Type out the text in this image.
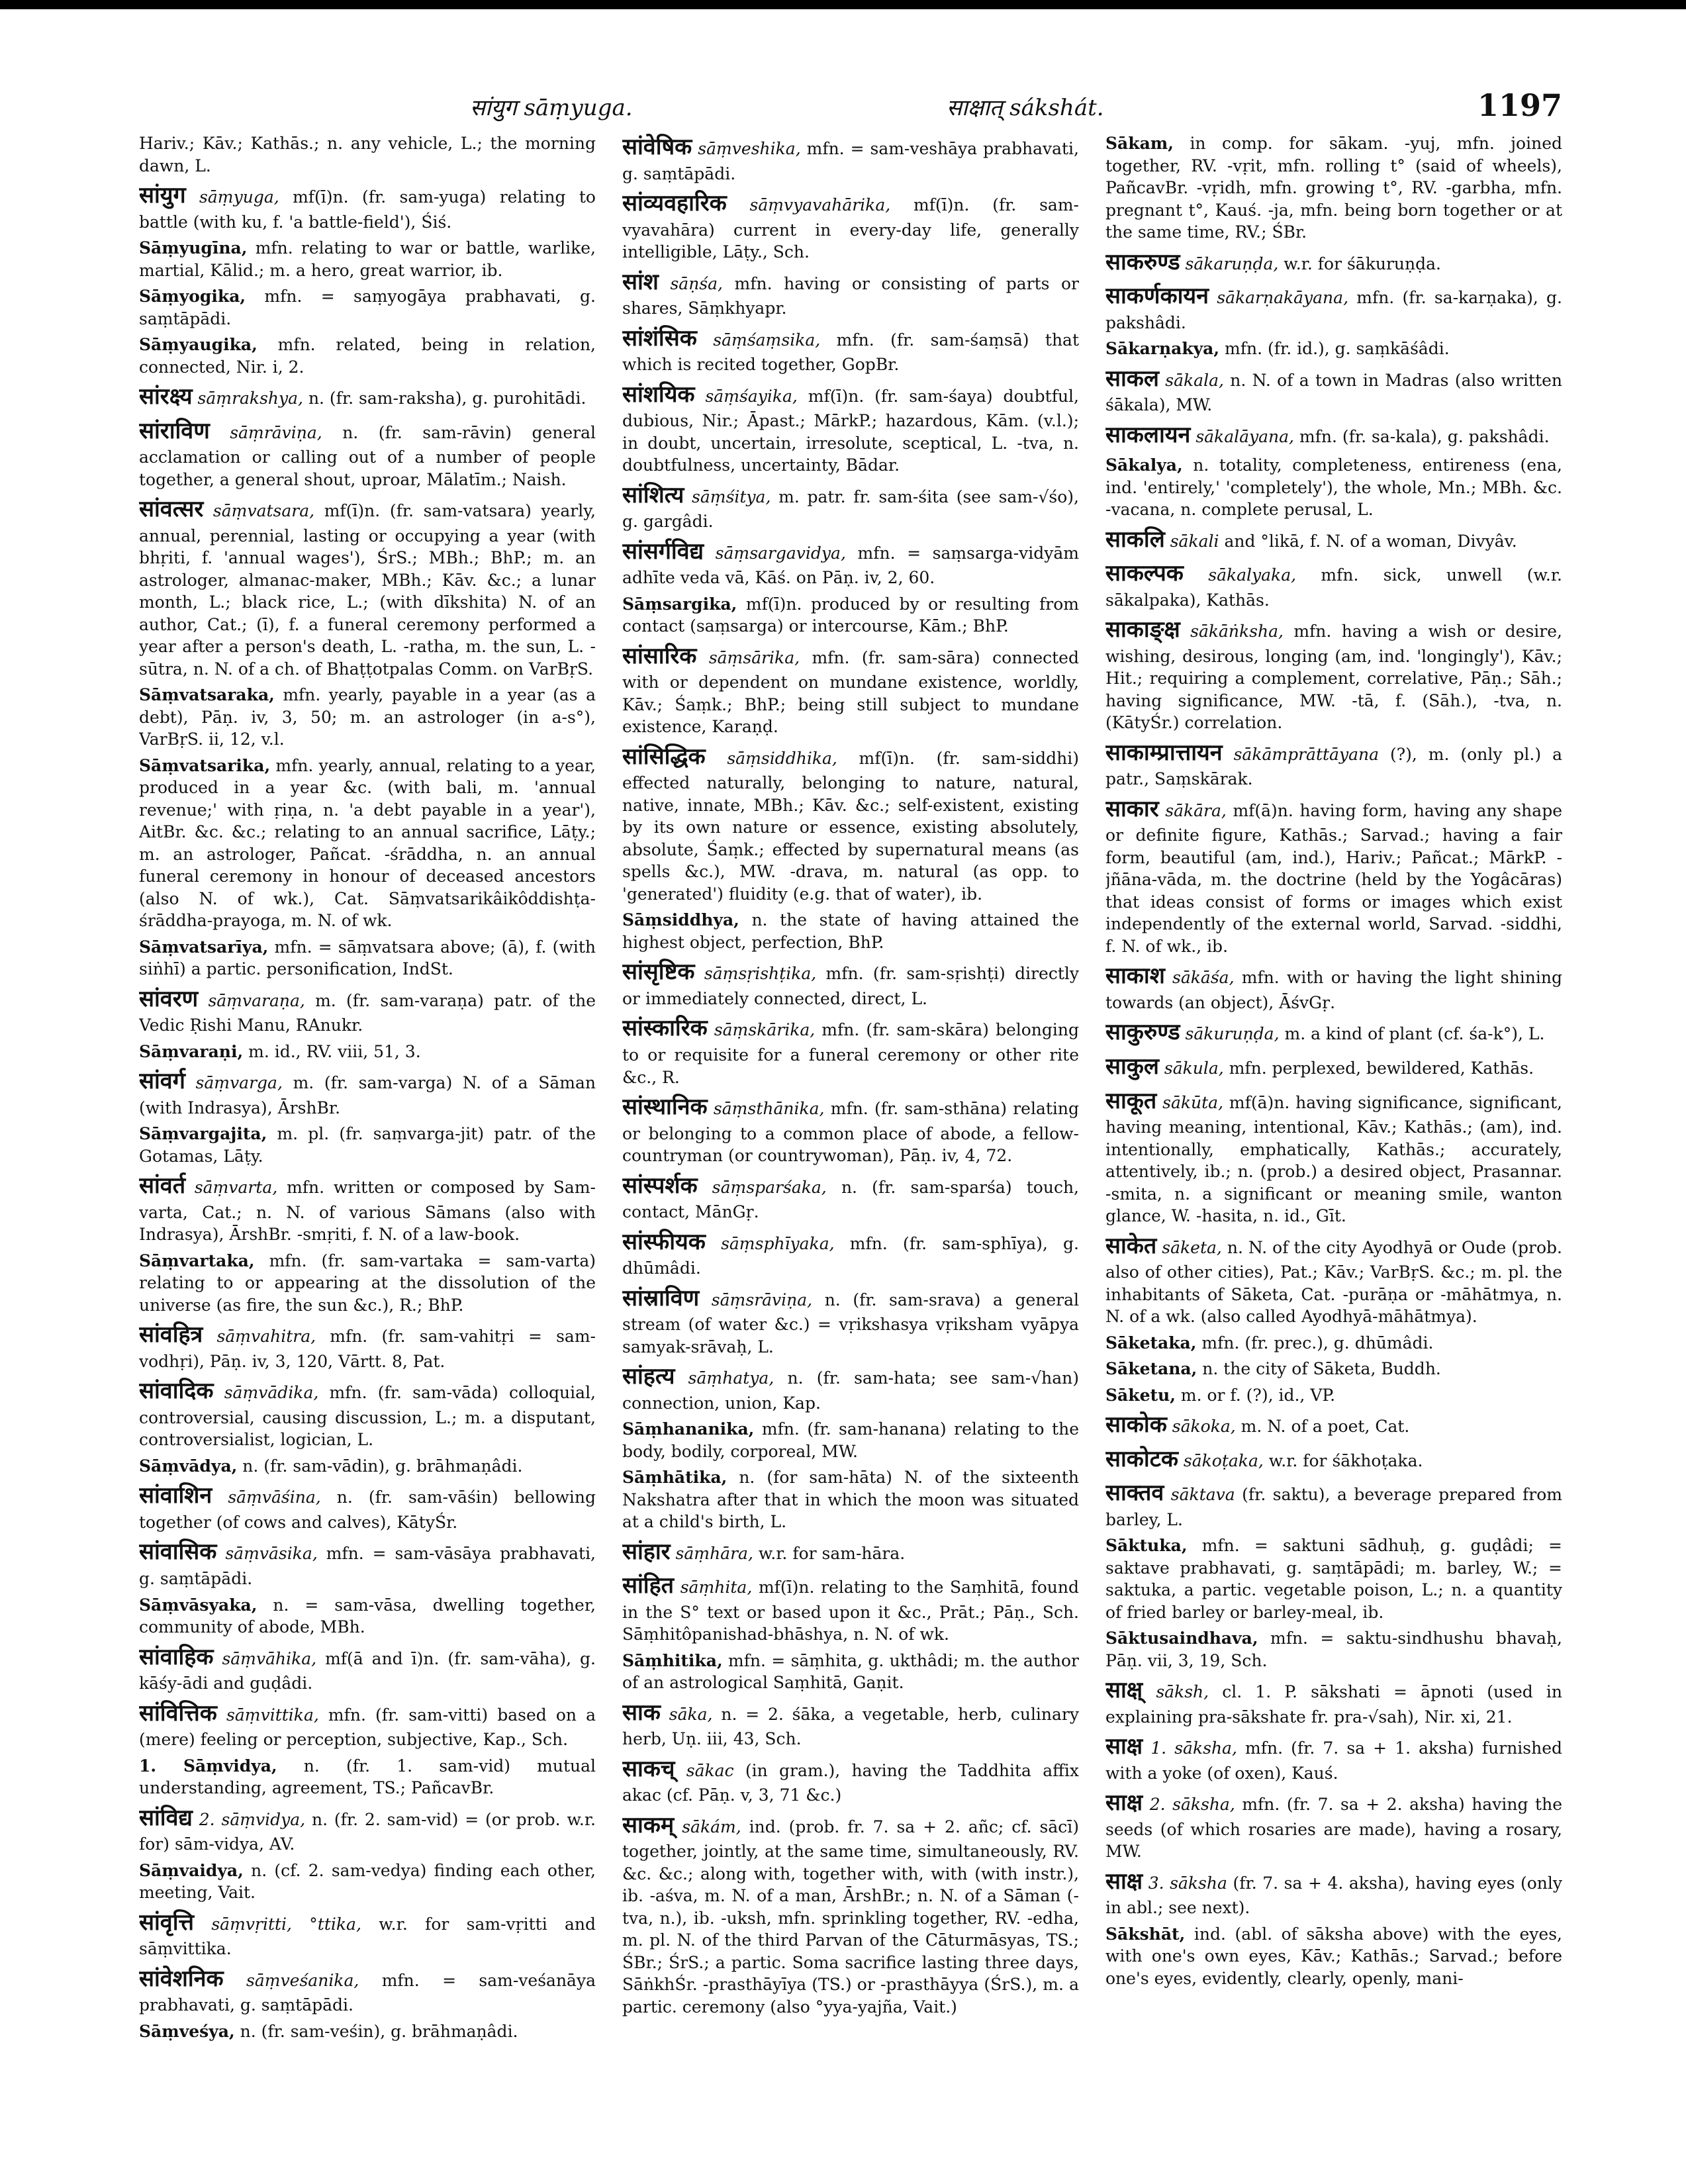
सांयुग sāṃyuga.	साक्षात् sákshát.	1197

Hariv.; Kāv.; Kathās.; n. any vehicle, L.; the morning dawn, L.

सांयुग sāṃyuga, mf(ī)n. (fr. sam-yuga) relating to battle (with ku, f. 'a battle-field'), Śiś.

Sāṃyugīna, mfn. relating to war or battle, warlike, martial, Kālid.; m. a hero, great warrior, ib.

Sāṃyogika, mfn. = saṃyogāya prabhavati, g. saṃtāpādi.

Sāṃyaugika, mfn. related, being in relation, connected, Nir. i, 2.

सांरक्ष्य sāṃrakshya, n. (fr. sam-raksha), g. purohitādi.

सांराविण sāṃrāviṇa, n. (fr. sam-rāvin) general acclamation or calling out of a number of people together, a general shout, uproar, Mālatīm.; Naish.

सांवत्सर sāṃvatsara, mf(ī)n. (fr. sam-vatsara) yearly, annual, perennial, lasting or occupying a year (with bhṛiti, f. 'annual wages'), ŚrS.; MBh.; BhP.; m. an astrologer, almanac-maker, MBh.; Kāv. &c.; a lunar month, L.; black rice, L.; (with dīkshita) N. of an author, Cat.; (ī), f. a funeral ceremony performed a year after a person's death, L. -ratha, m. the sun, L. -sūtra, n. N. of a ch. of Bhaṭṭotpalas Comm. on VarBṛS.

Sāṃvatsaraka, mfn. yearly, payable in a year (as a debt), Pāṇ. iv, 3, 50; m. an astrologer (in a-s°), VarBṛS. ii, 12, v.l.

Sāṃvatsarika, mfn. yearly, annual, relating to a year, produced in a year &c. (with bali, m. 'annual revenue;' with ṛiṇa, n. 'a debt payable in a year'), AitBr. &c. &c.; relating to an annual sacrifice, Lāṭy.; m. an astrologer, Pañcat. -śrāddha, n. an annual funeral ceremony in honour of deceased ancestors (also N. of wk.), Cat. Sāṃvatsarikâikôddishṭa-śrāddha-prayoga, m. N. of wk.

Sāṃvatsarīya, mfn. = sāṃvatsara above; (ā), f. (with siṅhī) a partic. personification, IndSt.

सांवरण sāṃvaraṇa, m. (fr. sam-varaṇa) patr. of the Vedic Ṛishi Manu, RAnukr.

Sāṃvaraṇi, m. id., RV. viii, 51, 3.

सांवर्ग sāṃvarga, m. (fr. sam-varga) N. of a Sāman (with Indrasya), ĀrshBr.

Sāṃvargajita, m. pl. (fr. saṃvarga-jit) patr. of the Gotamas, Lāṭy.

सांवर्त sāṃvarta, mfn. written or composed by Sam-varta, Cat.; n. N. of various Sāmans (also with Indrasya), ĀrshBr. -smṛiti, f. N. of a law-book.

Sāṃvartaka, mfn. (fr. sam-vartaka = sam-varta) relating to or appearing at the dissolution of the universe (as fire, the sun &c.), R.; BhP.

सांवहित्र sāṃvahitra, mfn. (fr. sam-vahitṛi = sam-vodhṛi), Pāṇ. iv, 3, 120, Vārtt. 8, Pat.

सांवादिक sāṃvādika, mfn. (fr. sam-vāda) colloquial, controversial, causing discussion, L.; m. a disputant, controversialist, logician, L.

Sāṃvādya, n. (fr. sam-vādin), g. brāhmaṇâdi.

सांवाशिन sāṃvāśina, n. (fr. sam-vāśin) bellowing together (of cows and calves), KātyŚr.

सांवासिक sāṃvāsika, mfn. = sam-vāsāya prabhavati, g. saṃtāpādi.

Sāṃvāsyaka, n. = sam-vāsa, dwelling together, community of abode, MBh.

सांवाहिक sāṃvāhika, mf(ā and ī)n. (fr. sam-vāha), g. kāśy-ādi and guḍâdi.

सांवित्तिक sāṃvittika, mfn. (fr. sam-vitti) based on a (mere) feeling or perception, subjective, Kap., Sch.

1. Sāṃvidya, n. (fr. 1. sam-vid) mutual understanding, agreement, TS.; PañcavBr.

सांविद्य 2. sāṃvidya, n. (fr. 2. sam-vid) = (or prob. w.r. for) sām-vidya, AV.

Sāṃvaidya, n. (cf. 2. sam-vedya) finding each other, meeting, Vait.

सांवृत्ति sāṃvṛitti, °ttika, w.r. for sam-vṛitti and sāṃvittika.

सांवेशनिक sāṃveśanika, mfn. = sam-veśanāya prabhavati, g. saṃtāpādi.

Sāṃveśya, n. (fr. sam-veśin), g. brāhmaṇâdi.

सांवेषिक sāṃveshika, mfn. = sam-veshāya prabhavati, g. saṃtāpādi.

सांव्यवहारिक sāṃvyavahārika, mf(ī)n. (fr. sam-vyavahāra) current in every-day life, generally intelligible, Lāṭy., Sch.

सांश sāṇśa, mfn. having or consisting of parts or shares, Sāṃkhyapr.

सांशंसिक sāṃśaṃsika, mfn. (fr. sam-śaṃsā) that which is recited together, GopBr.

सांशयिक sāṃśayika, mf(ī)n. (fr. sam-śaya) doubtful, dubious, Nir.; Āpast.; MārkP.; hazardous, Kām. (v.l.); in doubt, uncertain, irresolute, sceptical, L. -tva, n. doubtfulness, uncertainty, Bādar.

सांशित्य sāṃśitya, m. patr. fr. sam-śita (see sam-√śo), g. gargâdi.

सांसर्गविद्य sāṃsargavidya, mfn. = saṃsarga-vidyām adhīte veda vā, Kāś. on Pāṇ. iv, 2, 60.

Sāṃsargika, mf(ī)n. produced by or resulting from contact (saṃsarga) or intercourse, Kām.; BhP.

सांसारिक sāṃsārika, mfn. (fr. sam-sāra) connected with or dependent on mundane existence, worldly, Kāv.; Śaṃk.; BhP.; being still subject to mundane existence, Karaṇḍ.

सांसिद्धिक sāṃsiddhika, mf(ī)n. (fr. sam-siddhi) effected naturally, belonging to nature, natural, native, innate, MBh.; Kāv. &c.; self-existent, existing by its own nature or essence, existing absolutely, absolute, Śaṃk.; effected by supernatural means (as spells &c.), MW. -drava, m. natural (as opp. to 'generated') fluidity (e.g. that of water), ib.

Sāṃsiddhya, n. the state of having attained the highest object, perfection, BhP.

सांसृष्टिक sāṃsṛishṭika, mfn. (fr. sam-sṛishṭi) directly or immediately connected, direct, L.

सांस्कारिक sāṃskārika, mfn. (fr. sam-skāra) belonging to or requisite for a funeral ceremony or other rite &c., R.

सांस्थानिक sāṃsthānika, mfn. (fr. sam-sthāna) relating or belonging to a common place of abode, a fellow-countryman (or countrywoman), Pāṇ. iv, 4, 72.

सांस्पर्शक sāṃsparśaka, n. (fr. sam-sparśa) touch, contact, MānGṛ.

सांस्फीयक sāṃsphīyaka, mfn. (fr. sam-sphīya), g. dhūmâdi.

सांस्राविण sāṃsrāviṇa, n. (fr. sam-srava) a general stream (of water &c.) = vṛikshasya vṛiksham vyāpya samyak-srāvaḥ, L.

सांहत्य sāṃhatya, n. (fr. sam-hata; see sam-√han) connection, union, Kap.

Sāṃhananika, mfn. (fr. sam-hanana) relating to the body, bodily, corporeal, MW.

Sāṃhātika, n. (for sam-hāta) N. of the sixteenth Nakshatra after that in which the moon was situated at a child's birth, L.

सांहार sāṃhāra, w.r. for sam-hāra.

सांहित sāṃhita, mf(ī)n. relating to the Saṃhitā, found in the S° text or based upon it &c., Prāt.; Pāṇ., Sch. Sāṃhitôpanishad-bhāshya, n. N. of wk.

Sāṃhitika, mfn. = sāṃhita, g. ukthâdi; m. the author of an astrological Saṃhitā, Gaṇit.

साक sāka, n. = 2. śāka, a vegetable, herb, culinary herb, Uṇ. iii, 43, Sch.

साकच् sākac (in gram.), having the Taddhita affix akac (cf. Pāṇ. v, 3, 71 &c.)

साकम् sākám, ind. (prob. fr. 7. sa + 2. añc; cf. sācī) together, jointly, at the same time, simultaneously, RV. &c. &c.; along with, together with, with (with instr.), ib. -aśva, m. N. of a man, ĀrshBr.; n. N. of a Sāman (-tva, n.), ib. -uksh, mfn. sprinkling together, RV. -edha, m. pl. N. of the third Parvan of the Cāturmāsyas, TS.; ŚBr.; ŚrS.; a partic. Soma sacrifice lasting three days, SāṅkhŚr. -prasthāyīya (TS.) or -prasthāyya (ŚrS.), m. a partic. ceremony (also °yya-yajña, Vait.)

Sākam, in comp. for sākam. -yuj, mfn. joined together, RV. -vṛit, mfn. rolling t° (said of wheels), PañcavBr. -vṛidh, mfn. growing t°, RV. -garbha, mfn. pregnant t°, Kauś. -ja, mfn. being born together or at the same time, RV.; ŚBr.

साकरुण्ड sākaruṇḍa, w.r. for śākuruṇḍa.

साकर्णकायन sākarṇakāyana, mfn. (fr. sa-karṇaka), g. pakshâdi.

Sākarṇakya, mfn. (fr. id.), g. saṃkāśâdi.

साकल sākala, n. N. of a town in Madras (also written śākala), MW.

साकलायन sākalāyana, mfn. (fr. sa-kala), g. pakshâdi.

Sākalya, n. totality, completeness, entireness (ena, ind. 'entirely,' 'completely'), the whole, Mn.; MBh. &c. -vacana, n. complete perusal, L.

साकलि sākali and °likā, f. N. of a woman, Divyâv.

साकल्पक sākalyaka, mfn. sick, unwell (w.r. sākalpaka), Kathās.

साकाङ्क्ष sākāṅksha, mfn. having a wish or desire, wishing, desirous, longing (am, ind. 'longingly'), Kāv.; Hit.; requiring a complement, correlative, Pāṇ.; Sāh.; having significance, MW. -tā, f. (Sāh.), -tva, n. (KātyŚr.) correlation.

साकाम्प्रात्तायन sākāmprāttāyana (?), m. (only pl.) a patr., Saṃskārak.

साकार sākāra, mf(ā)n. having form, having any shape or definite figure, Kathās.; Sarvad.; having a fair form, beautiful (am, ind.), Hariv.; Pañcat.; MārkP. -jñāna-vāda, m. the doctrine (held by the Yogâcāras) that ideas consist of forms or images which exist independently of the external world, Sarvad. -siddhi, f. N. of wk., ib.

साकाश sākāśa, mfn. with or having the light shining towards (an object), ĀśvGṛ.

साकुरुण्ड sākuruṇḍa, m. a kind of plant (cf. śa-k°), L.

साकुल sākula, mfn. perplexed, bewildered, Kathās.

साकूत sākūta, mf(ā)n. having significance, significant, having meaning, intentional, Kāv.; Kathās.; (am), ind. intentionally, emphatically, Kathās.; accurately, attentively, ib.; n. (prob.) a desired object, Prasannar. -smita, n. a significant or meaning smile, wanton glance, W. -hasita, n. id., Gīt.

साकेत sāketa, n. N. of the city Ayodhyā or Oude (prob. also of other cities), Pat.; Kāv.; VarBṛS. &c.; m. pl. the inhabitants of Sāketa, Cat. -purāṇa or -māhātmya, n. N. of a wk. (also called Ayodhyā-māhātmya).

Sāketaka, mfn. (fr. prec.), g. dhūmâdi.

Sāketana, n. the city of Sāketa, Buddh.

Sāketu, m. or f. (?), id., VP.

साकोक sākoka, m. N. of a poet, Cat.

साकोटक sākoṭaka, w.r. for śākhoṭaka.

साक्तव sāktava (fr. saktu), a beverage prepared from barley, L.

Sāktuka, mfn. = saktuni sādhuḥ, g. guḍâdi; = saktave prabhavati, g. saṃtāpādi; m. barley, W.; = saktuka, a partic. vegetable poison, L.; n. a quantity of fried barley or barley-meal, ib.

Sāktusaindhava, mfn. = saktu-sindhushu bhavaḥ, Pāṇ. vii, 3, 19, Sch.

साक्ष् sāksh, cl. 1. P. sākshati = āpnoti (used in explaining pra-sākshate fr. pra-√sah), Nir. xi, 21.

साक्ष 1. sāksha, mfn. (fr. 7. sa + 1. aksha) furnished with a yoke (of oxen), Kauś.

साक्ष 2. sāksha, mfn. (fr. 7. sa + 2. aksha) having the seeds (of which rosaries are made), having a rosary, MW.

साक्ष 3. sāksha (fr. 7. sa + 4. aksha), having eyes (only in abl.; see next).

Sākshāt, ind. (abl. of sāksha above) with the eyes, with one's own eyes, Kāv.; Kathās.; Sarvad.; before one's eyes, evidently, clearly, openly, mani-
